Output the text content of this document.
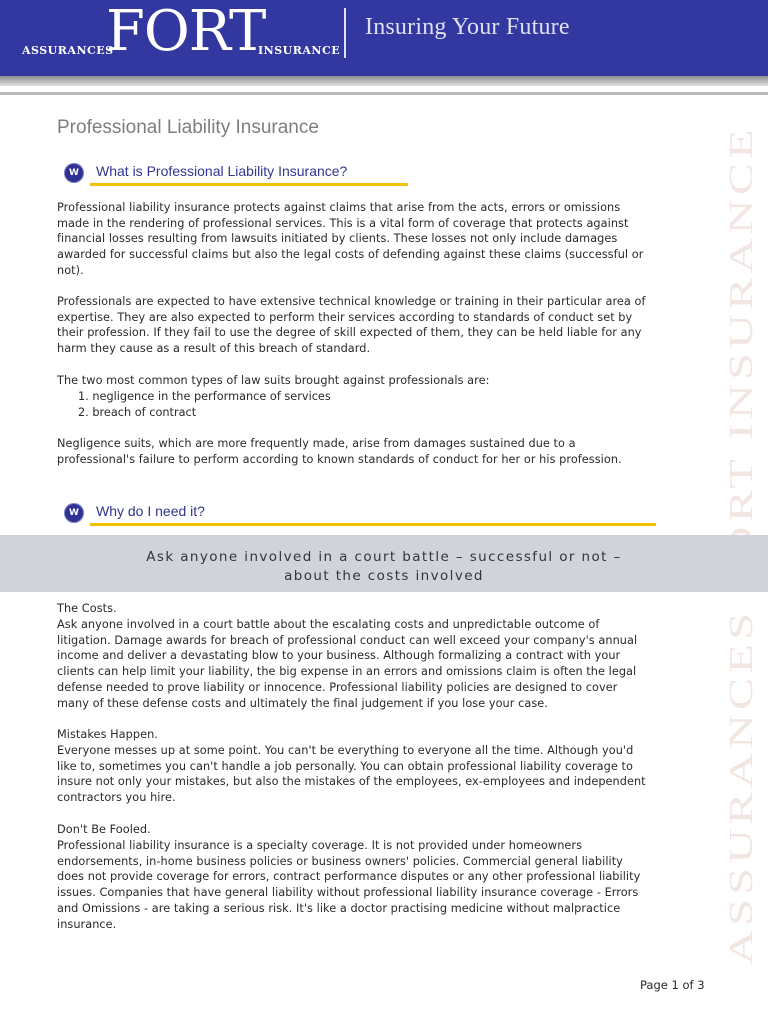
ASSURANCES
FORT
INSURANCE
Insuring Your Future
ASSURANCES FORT INSURANCE
Professional Liability Insurance
W	What is Professional Liability Insurance?
Professional liability insurance protects against claims that arise from the acts, errors or omissions
made in the rendering of professional services. This is a vital form of coverage that protects against
financial losses resulting from lawsuits initiated by clients. These losses not only include damages
awarded for successful claims but also the legal costs of defending against these claims (successful or
not).
Professionals are expected to have extensive technical knowledge or training in their particular area of
expertise. They are also expected to perform their services according to standards of conduct set by
their profession. If they fail to use the degree of skill expected of them, they can be held liable for any
harm they cause as a result of this breach of standard.
The two most common types of law suits brought against professionals are:
1. negligence in the performance of services
2. breach of contract
Negligence suits, which are more frequently made, arise from damages sustained due to a
professional's failure to perform according to known standards of conduct for her or his profession.
W	Why do I need it?
Ask anyone involved in a court battle – successful or not –
about the costs involved
The Costs.
Ask anyone involved in a court battle about the escalating costs and unpredictable outcome of
litigation. Damage awards for breach of professional conduct can well exceed your company's annual
income and deliver a devastating blow to your business. Although formalizing a contract with your
clients can help limit your liability, the big expense in an errors and omissions claim is often the legal
defense needed to prove liability or innocence. Professional liability policies are designed to cover
many of these defense costs and ultimately the final judgement if you lose your case.
Mistakes Happen.
Everyone messes up at some point. You can't be everything to everyone all the time. Although you'd
like to, sometimes you can't handle a job personally. You can obtain professional liability coverage to
insure not only your mistakes, but also the mistakes of the employees, ex-employees and independent
contractors you hire.
Don't Be Fooled.
Professional liability insurance is a specialty coverage. It is not provided under homeowners
endorsements, in-home business policies or business owners' policies. Commercial general liability
does not provide coverage for errors, contract performance disputes or any other professional liability
issues. Companies that have general liability without professional liability insurance coverage - Errors
and Omissions - are taking a serious risk. It's like a doctor practising medicine without malpractice
insurance.
Page 1 of 3
